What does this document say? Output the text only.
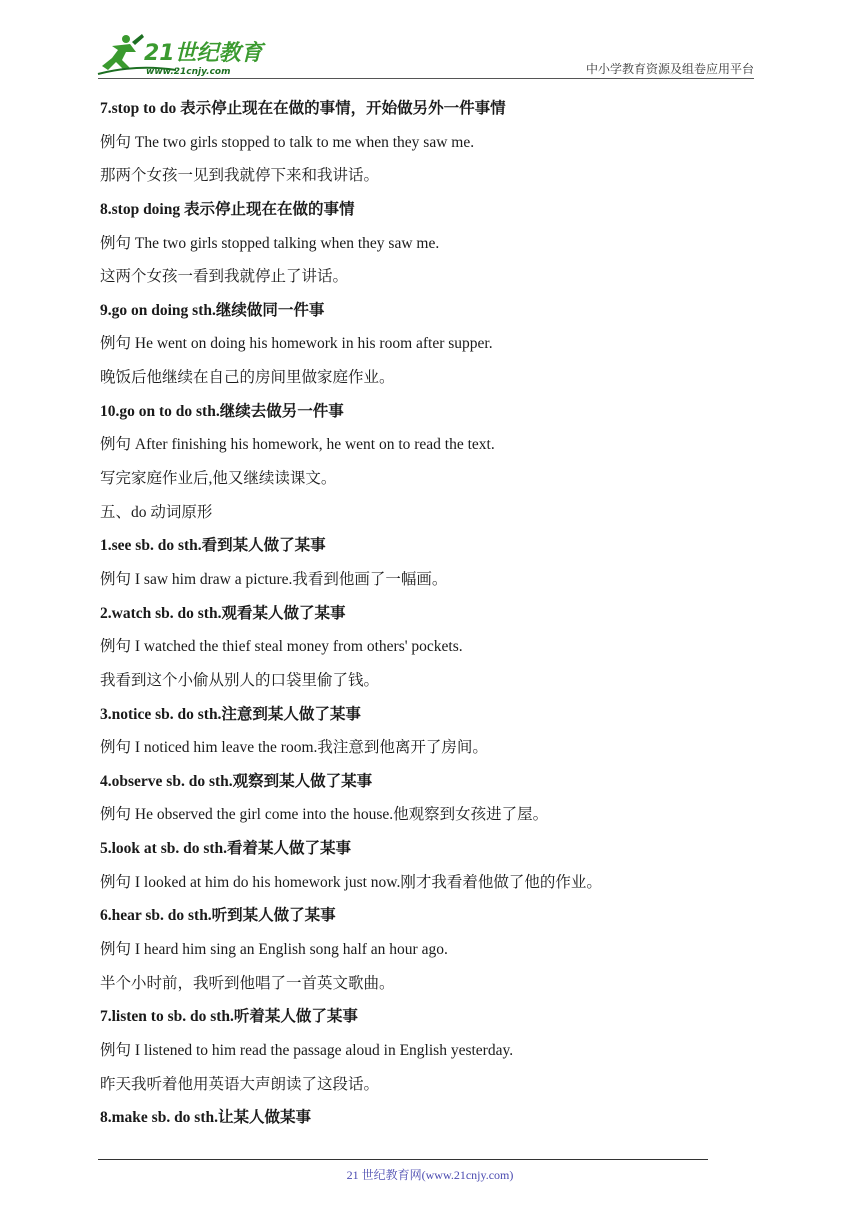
21世纪教育
www.21cnjy.com	中小学教育资源及组卷应用平台
7.stop to do 表示停止现在在做的事情，开始做另外一件事情
例句 The two girls stopped to talk to me when they saw me.
那两个女孩一见到我就停下来和我讲话。
8.stop doing 表示停止现在在做的事情
例句 The two girls stopped talking when they saw me.
这两个女孩一看到我就停止了讲话。
9.go on doing sth.继续做同一件事
例句 He went on doing his homework in his room after supper.
晚饭后他继续在自己的房间里做家庭作业。
10.go on to do sth.继续去做另一件事
例句 After finishing his homework, he went on to read the text.
写完家庭作业后,他又继续读课文。
五、do 动词原形
1.see sb. do sth.看到某人做了某事
例句 I saw him draw a picture.我看到他画了一幅画。
2.watch sb. do sth.观看某人做了某事
例句 I watched the thief steal money from others' pockets.
我看到这个小偷从别人的口袋里偷了钱。
3.notice sb. do sth.注意到某人做了某事
例句 I noticed him leave the room.我注意到他离开了房间。
4.observe sb. do sth.观察到某人做了某事
例句 He observed the girl come into the house.他观察到女孩进了屋。
5.look at sb. do sth.看着某人做了某事
例句 I looked at him do his homework just now.刚才我看着他做了他的作业。
6.hear sb. do sth.听到某人做了某事
例句 I heard him sing an English song half an hour ago.
半个小时前，我听到他唱了一首英文歌曲。
7.listen to sb. do sth.听着某人做了某事
例句 I listened to him read the passage aloud in English yesterday.
昨天我听着他用英语大声朗读了这段话。
8.make sb. do sth.让某人做某事
21 世纪教育网(www.21cnjy.com)
